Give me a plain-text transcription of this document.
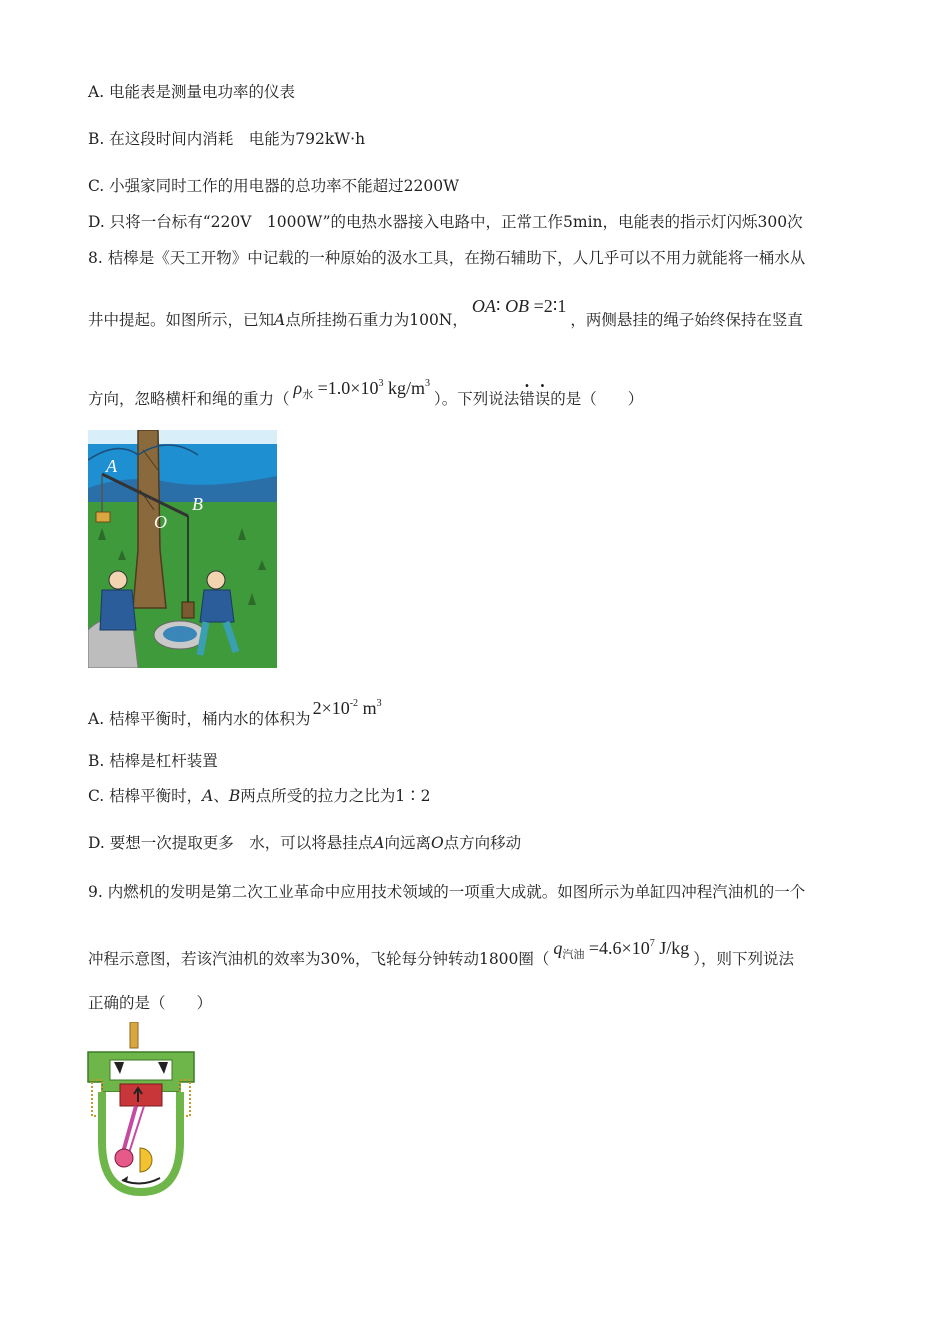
A. 电能表是测量电功率的仪表
B. 在这段时间内消耗　电能为792kW·h
C. 小强家同时工作的用电器的总功率不能超过2200W
D. 只将一台标有“220V　1000W”的电热水器接入电路中，正常工作5min，电能表的指示灯闪烁300次
8. 桔槔是《天工开物》中记载的一种原始的汲水工具，在拗石辅助下，人几乎可以不用力就能将一桶水从
井中提起。如图所示，已知A点所挂拗石重力为100N，OA∶ OB =2∶1，两侧悬挂的绳子始终保持在竖直
方向，忽略横杆和绳的重力（$\rho_水 =1.0\times 10^3$ $kg/m^3$）。下列说法错误的是（　　）
A
B
O
A. 桔槔平衡时，桶内水的体积为$2\times 10^{-2}$ $m^3$
B. 桔槔是杠杆装置
C. 桔槔平衡时，A、B两点所受的拉力之比为1∶2
D. 要想一次提取更多　水，可以将悬挂点A向远离O点方向移动
9. 内燃机的发明是第二次工业革命中应用技术领域的一项重大成就。如图所示为单缸四冲程汽油机的一个
冲程示意图，若该汽油机的效率为30%，飞轮每分钟转动1800圈（$q_{汽油} =4.6\times 10^7$ J/kg），则下列说法
正确的是（　　）
